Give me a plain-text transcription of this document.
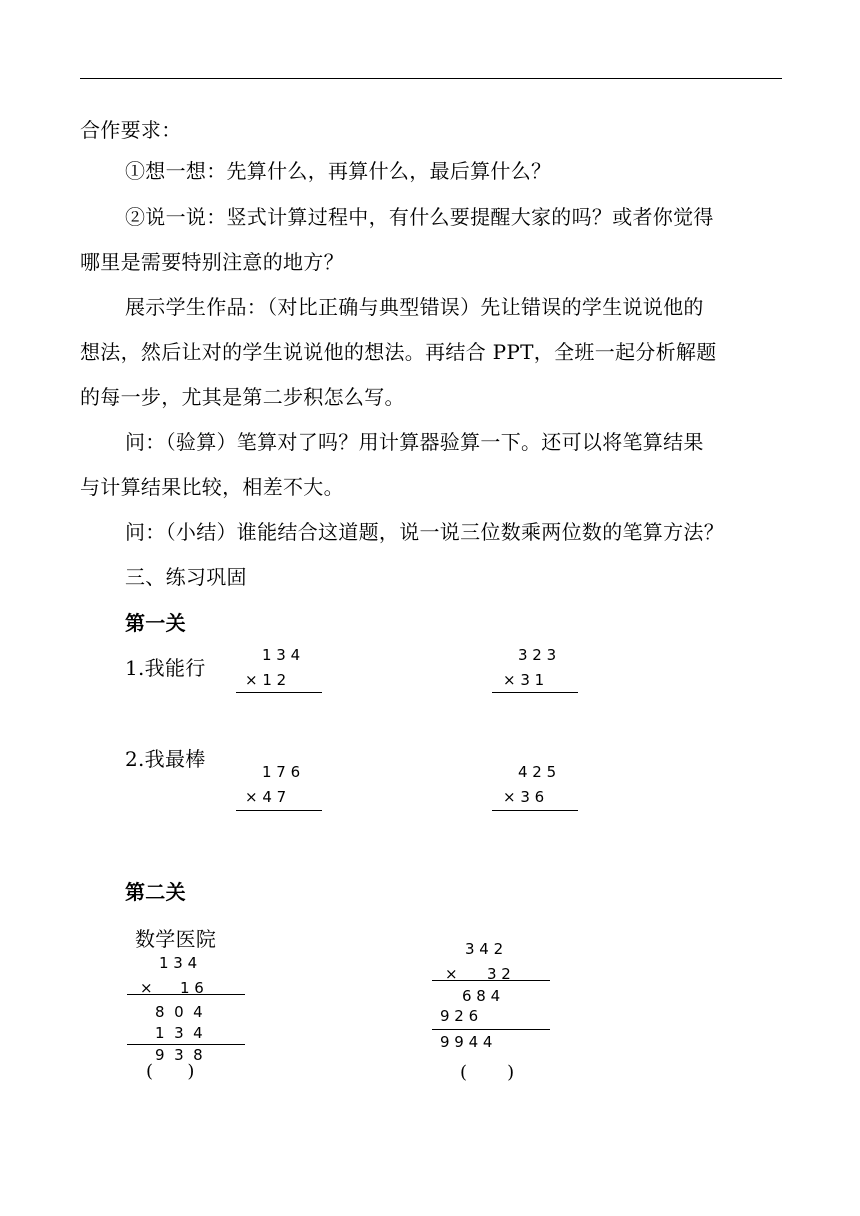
合作要求：
①想一想：先算什么，再算什么，最后算什么？
②说一说：竖式计算过程中，有什么要提醒大家的吗？或者你觉得
哪里是需要特别注意的地方？
展示学生作品：（对比正确与典型错误）先让错误的学生说说他的
想法，然后让对的学生说说他的想法。再结合 PPT，全班一起分析解题
的每一步，尤其是第二步积怎么写。
问：（验算）笔算对了吗？用计算器验算一下。还可以将笔算结果
与计算结果比较，相差不大。
问：（小结）谁能结合这道题，说一说三位数乘两位数的笔算方法？
三、练习巩固
第一关
1.我能行
1 3 4
× 1 2
3 2 3
× 3 1
2.我最棒
1 7 6
× 4 7
4 2 5
× 3 6
第二关
数学医院
1 3 4
× 1 6
8  0  4
1  3  4
9  3  8
(      )
3 4 2
× 3 2
6 8 4
9 2 6
9 9 4 4
(       )
